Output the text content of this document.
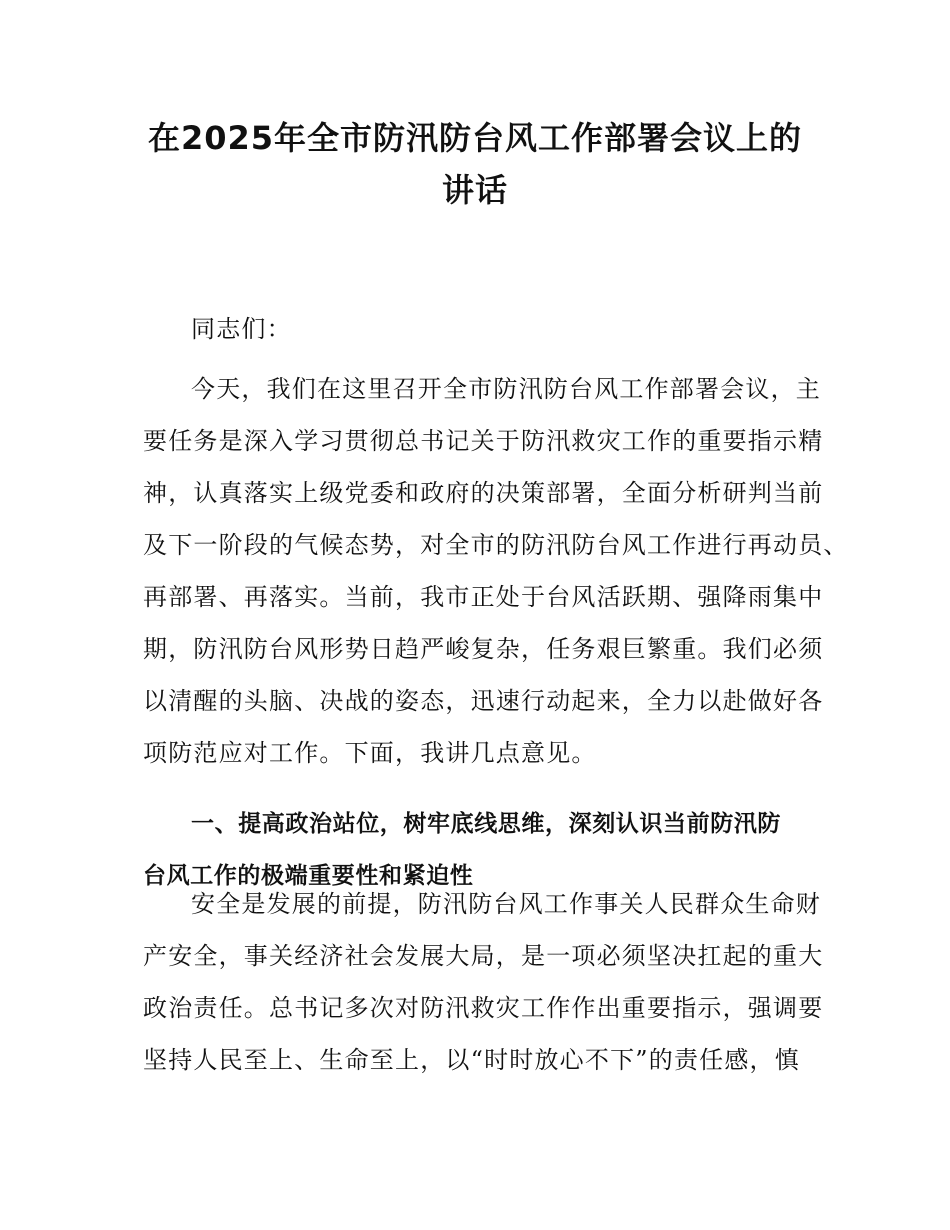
在2025年全市防汛防台风工作部署会议上的
讲话

同志们：

今天，我们在这里召开全市防汛防台风工作部署会议，主
要任务是深入学习贯彻总书记关于防汛救灾工作的重要指示精
神，认真落实上级党委和政府的决策部署，全面分析研判当前
及下一阶段的气候态势，对全市的防汛防台风工作进行再动员、
再部署、再落实。当前，我市正处于台风活跃期、强降雨集中
期，防汛防台风形势日趋严峻复杂，任务艰巨繁重。我们必须
以清醒的头脑、决战的姿态，迅速行动起来，全力以赴做好各
项防范应对工作。下面，我讲几点意见。

一、提高政治站位，树牢底线思维，深刻认识当前防汛防
台风工作的极端重要性和紧迫性

安全是发展的前提，防汛防台风工作事关人民群众生命财
产安全，事关经济社会发展大局，是一项必须坚决扛起的重大
政治责任。总书记多次对防汛救灾工作作出重要指示，强调要
坚持人民至上、生命至上，以“时时放心不下”的责任感，慎
